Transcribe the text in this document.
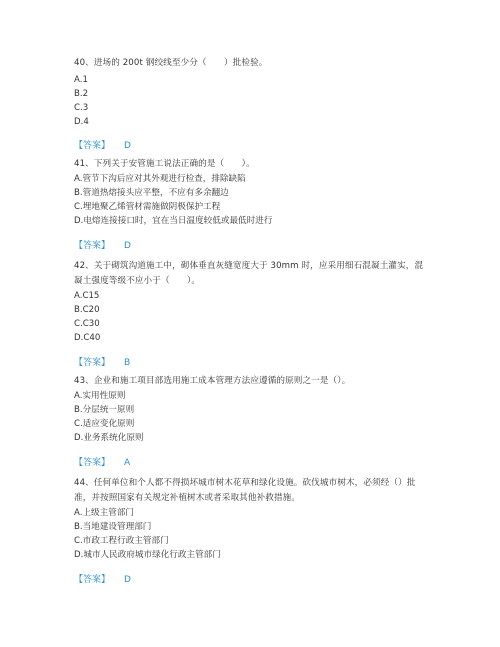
40、进场的 200t 钢绞线至少分（　　）批检验。

A.1

B.2

C.3

D.4

【答案】 D

41、下列关于安管施工说法正确的是（　　）。

A.管节下沟后应对其外观进行检查，排除缺陷

B.管道热熔接头应平整，不应有多余翻边

C.埋地聚乙烯管材需施做阴极保护工程

D.电熔连接接口时，宜在当日温度较低或最低时进行

【答案】 D

42、关于砌筑沟道施工中，砌体垂直灰缝宽度大于 30mm 时，应采用细石混凝土灌实，混凝土强度等级不应小于（　　）。

A.C15

B.C20

C.C30

D.C40

【答案】 B

43、企业和施工项目部选用施工成本管理方法应遵循的原则之一是（）。

A.实用性原则

B.分层统一原则

C.适应变化原则

D.业务系统化原则

【答案】 A

44、任何单位和个人都不得损坏城市树木花草和绿化设施。砍伐城市树木，必须经（）批准，并按照国家有关规定补植树木或者采取其他补救措施。

A.上级主管部门

B.当地建设管理部门

C.市政工程行政主管部门

D.城市人民政府城市绿化行政主管部门

【答案】 D
